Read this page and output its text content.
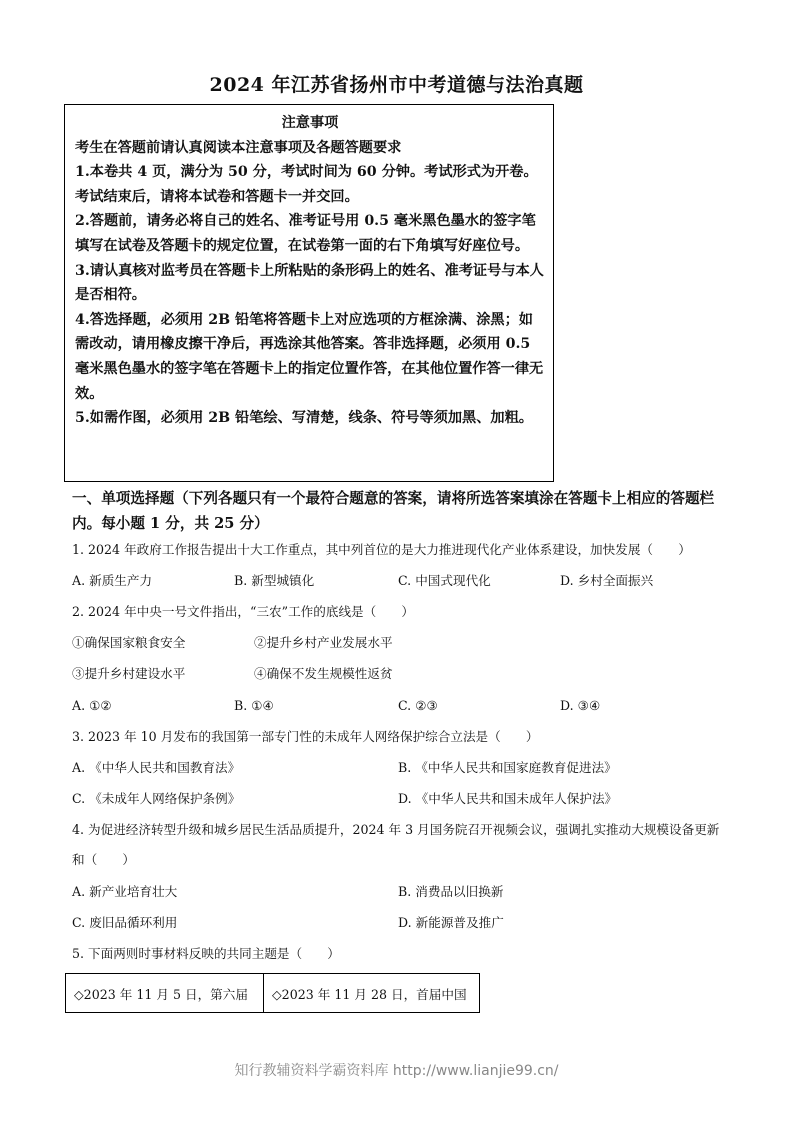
2024 年江苏省扬州市中考道德与法治真题
注意事项

考生在答题前请认真阅读本注意事项及各题答题要求

1.本卷共 4 页，满分为 50 分，考试时间为 60 分钟。考试形式为开卷。考试结束后，请将本试卷和答题卡一并交回。

2.答题前，请务必将自己的姓名、准考证号用 0.5 毫米黑色墨水的签字笔填写在试卷及答题卡的规定位置，在试卷第一面的右下角填写好座位号。

3.请认真核对监考员在答题卡上所粘贴的条形码上的姓名、准考证号与本人是否相符。

4.答选择题，必须用 2B 铅笔将答题卡上对应选项的方框涂满、涂黑；如需改动，请用橡皮擦干净后，再选涂其他答案。答非选择题，必须用 0.5 毫米黑色墨水的签字笔在答题卡上的指定位置作答，在其他位置作答一律无效。

5.如需作图，必须用 2B 铅笔绘、写清楚，线条、符号等须加黑、加粗。

一、单项选择题（下列各题只有一个最符合题意的答案，请将所选答案填涂在答题卡上相应的答题栏内。每小题 1 分，共 25 分）
1. 2024 年政府工作报告提出十大工作重点，其中列首位的是大力推进现代化产业体系建设，加快发展（　　）
A. 新质生产力	B. 新型城镇化	C. 中国式现代化	D. 乡村全面振兴
2. 2024 年中央一号文件指出，“三农”工作的底线是（　　）
①确保国家粮食安全	②提升乡村产业发展水平
③提升乡村建设水平	④确保不发生规模性返贫
A. ①②	B. ①④	C. ②③	D. ③④
3. 2023 年 10 月发布的我国第一部专门性的未成年人网络保护综合立法是（　　）
A. 《中华人民共和国教育法》	B. 《中华人民共和国家庭教育促进法》
C. 《未成年人网络保护条例》	D. 《中华人民共和国未成年人保护法》
4. 为促进经济转型升级和城乡居民生活品质提升，2024 年 3 月国务院召开视频会议，强调扎实推动大规模设备更新和（　　）
A. 新产业培育壮大	B. 消费品以旧换新
C. 废旧品循环利用	D. 新能源普及推广
5. 下面两则时事材料反映的共同主题是（　　）
◇2023 年 11 月 5 日，第六届	◇2023 年 11 月 28 日，首届中国
知行教辅资料学霸资料库 http://www.lianjie99.cn/
